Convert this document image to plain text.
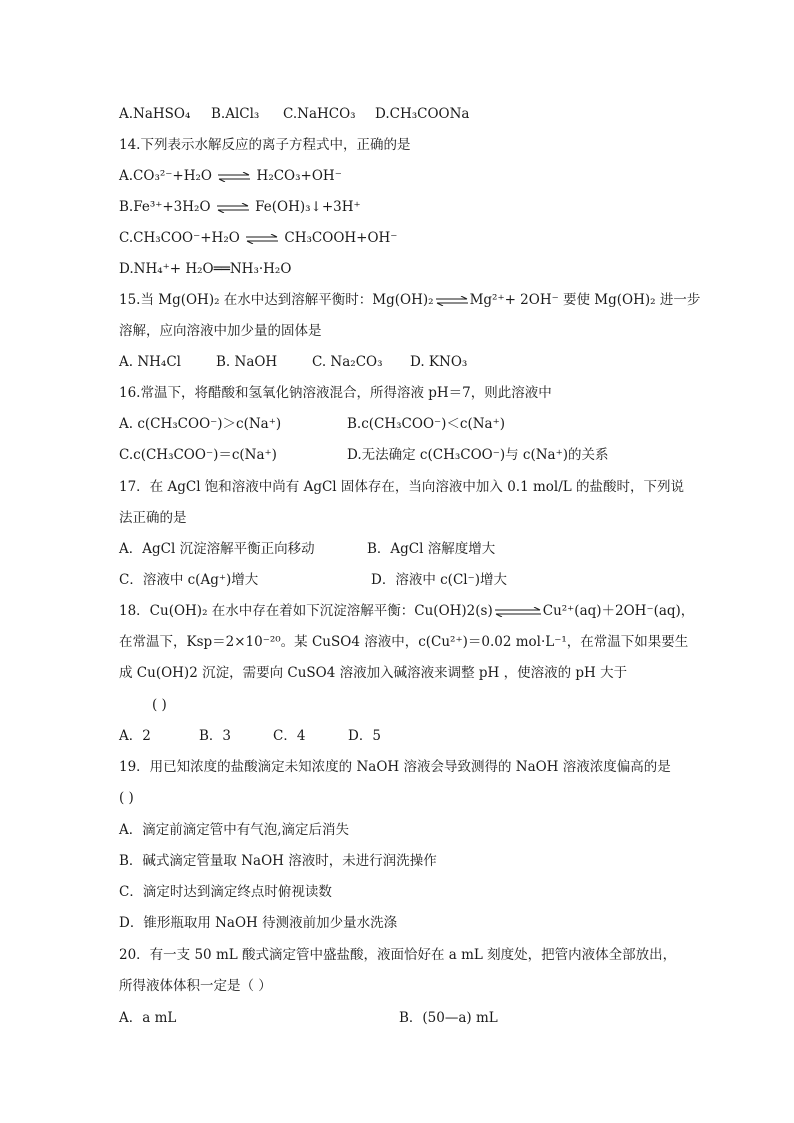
A.NaHSO₄ B.AlCl₃ C.NaHCO₃ D.CH₃COONa
14.下列表示水解反应的离子方程式中，正确的是
A.CO₃²⁻+H₂O ⇌ H₂CO₃+OH⁻
B.Fe³⁺+3H₂O ⇌ Fe(OH)₃↓+3H⁺
C.CH₃COO⁻+H₂O ⇌ CH₃COOH+OH⁻
D.NH₄⁺+ H₂O══NH₃·H₂O
15.当 Mg(OH)₂ 在水中达到溶解平衡时：Mg(OH)₂ ⇌ Mg²⁺+ 2OH⁻ 要使 Mg(OH)₂ 进一步
溶解，应向溶液中加少量的固体是
A. NH₄Cl	B. NaOH	C. Na₂CO₃ D. KNO₃
16.常温下，将醋酸和氢氧化钠溶液混合，所得溶液 pH＝7，则此溶液中
A. c(CH₃COO⁻)＞c(Na⁺)	B.c(CH₃COO⁻)＜c(Na⁺)
C.c(CH₃COO⁻)＝c(Na⁺)	D.无法确定 c(CH₃COO⁻)与 c(Na⁺)的关系
17．在 AgCl 饱和溶液中尚有 AgCl 固体存在，当向溶液中加入 0.1 mol/L 的盐酸时，下列说
法正确的是
A．AgCl 沉淀溶解平衡正向移动	B．AgCl 溶解度增大
C．溶液中 c(Ag⁺)增大	D．溶液中 c(Cl⁻)增大
18．Cu(OH)₂ 在水中存在着如下沉淀溶解平衡：Cu(OH)2(s) ⇌ Cu²⁺(aq)＋2OH⁻(aq)，
在常温下，Ksp＝2×10⁻²⁰。某 CuSO4 溶液中，c(Cu²⁺)＝0.02 mol·L⁻¹，在常温下如果要生
成 Cu(OH)2 沉淀，需要向 CuSO4 溶液加入碱溶液来调整 pH ，使溶液的 pH 大于
( )
A．2	B．3	C．4	D．5
19．用已知浓度的盐酸滴定未知浓度的 NaOH 溶液会导致测得的 NaOH 溶液浓度偏高的是
( )
A．滴定前滴定管中有气泡,滴定后消失
B．碱式滴定管量取 NaOH 溶液时，未进行润洗操作
C．滴定时达到滴定终点时俯视读数
D．锥形瓶取用 NaOH 待测液前加少量水洗涤
20．有一支 50 mL 酸式滴定管中盛盐酸，液面恰好在 a mL 刻度处，把管内液体全部放出，
所得液体体积一定是（ ）
A．a mL	B．(50—a) mL
